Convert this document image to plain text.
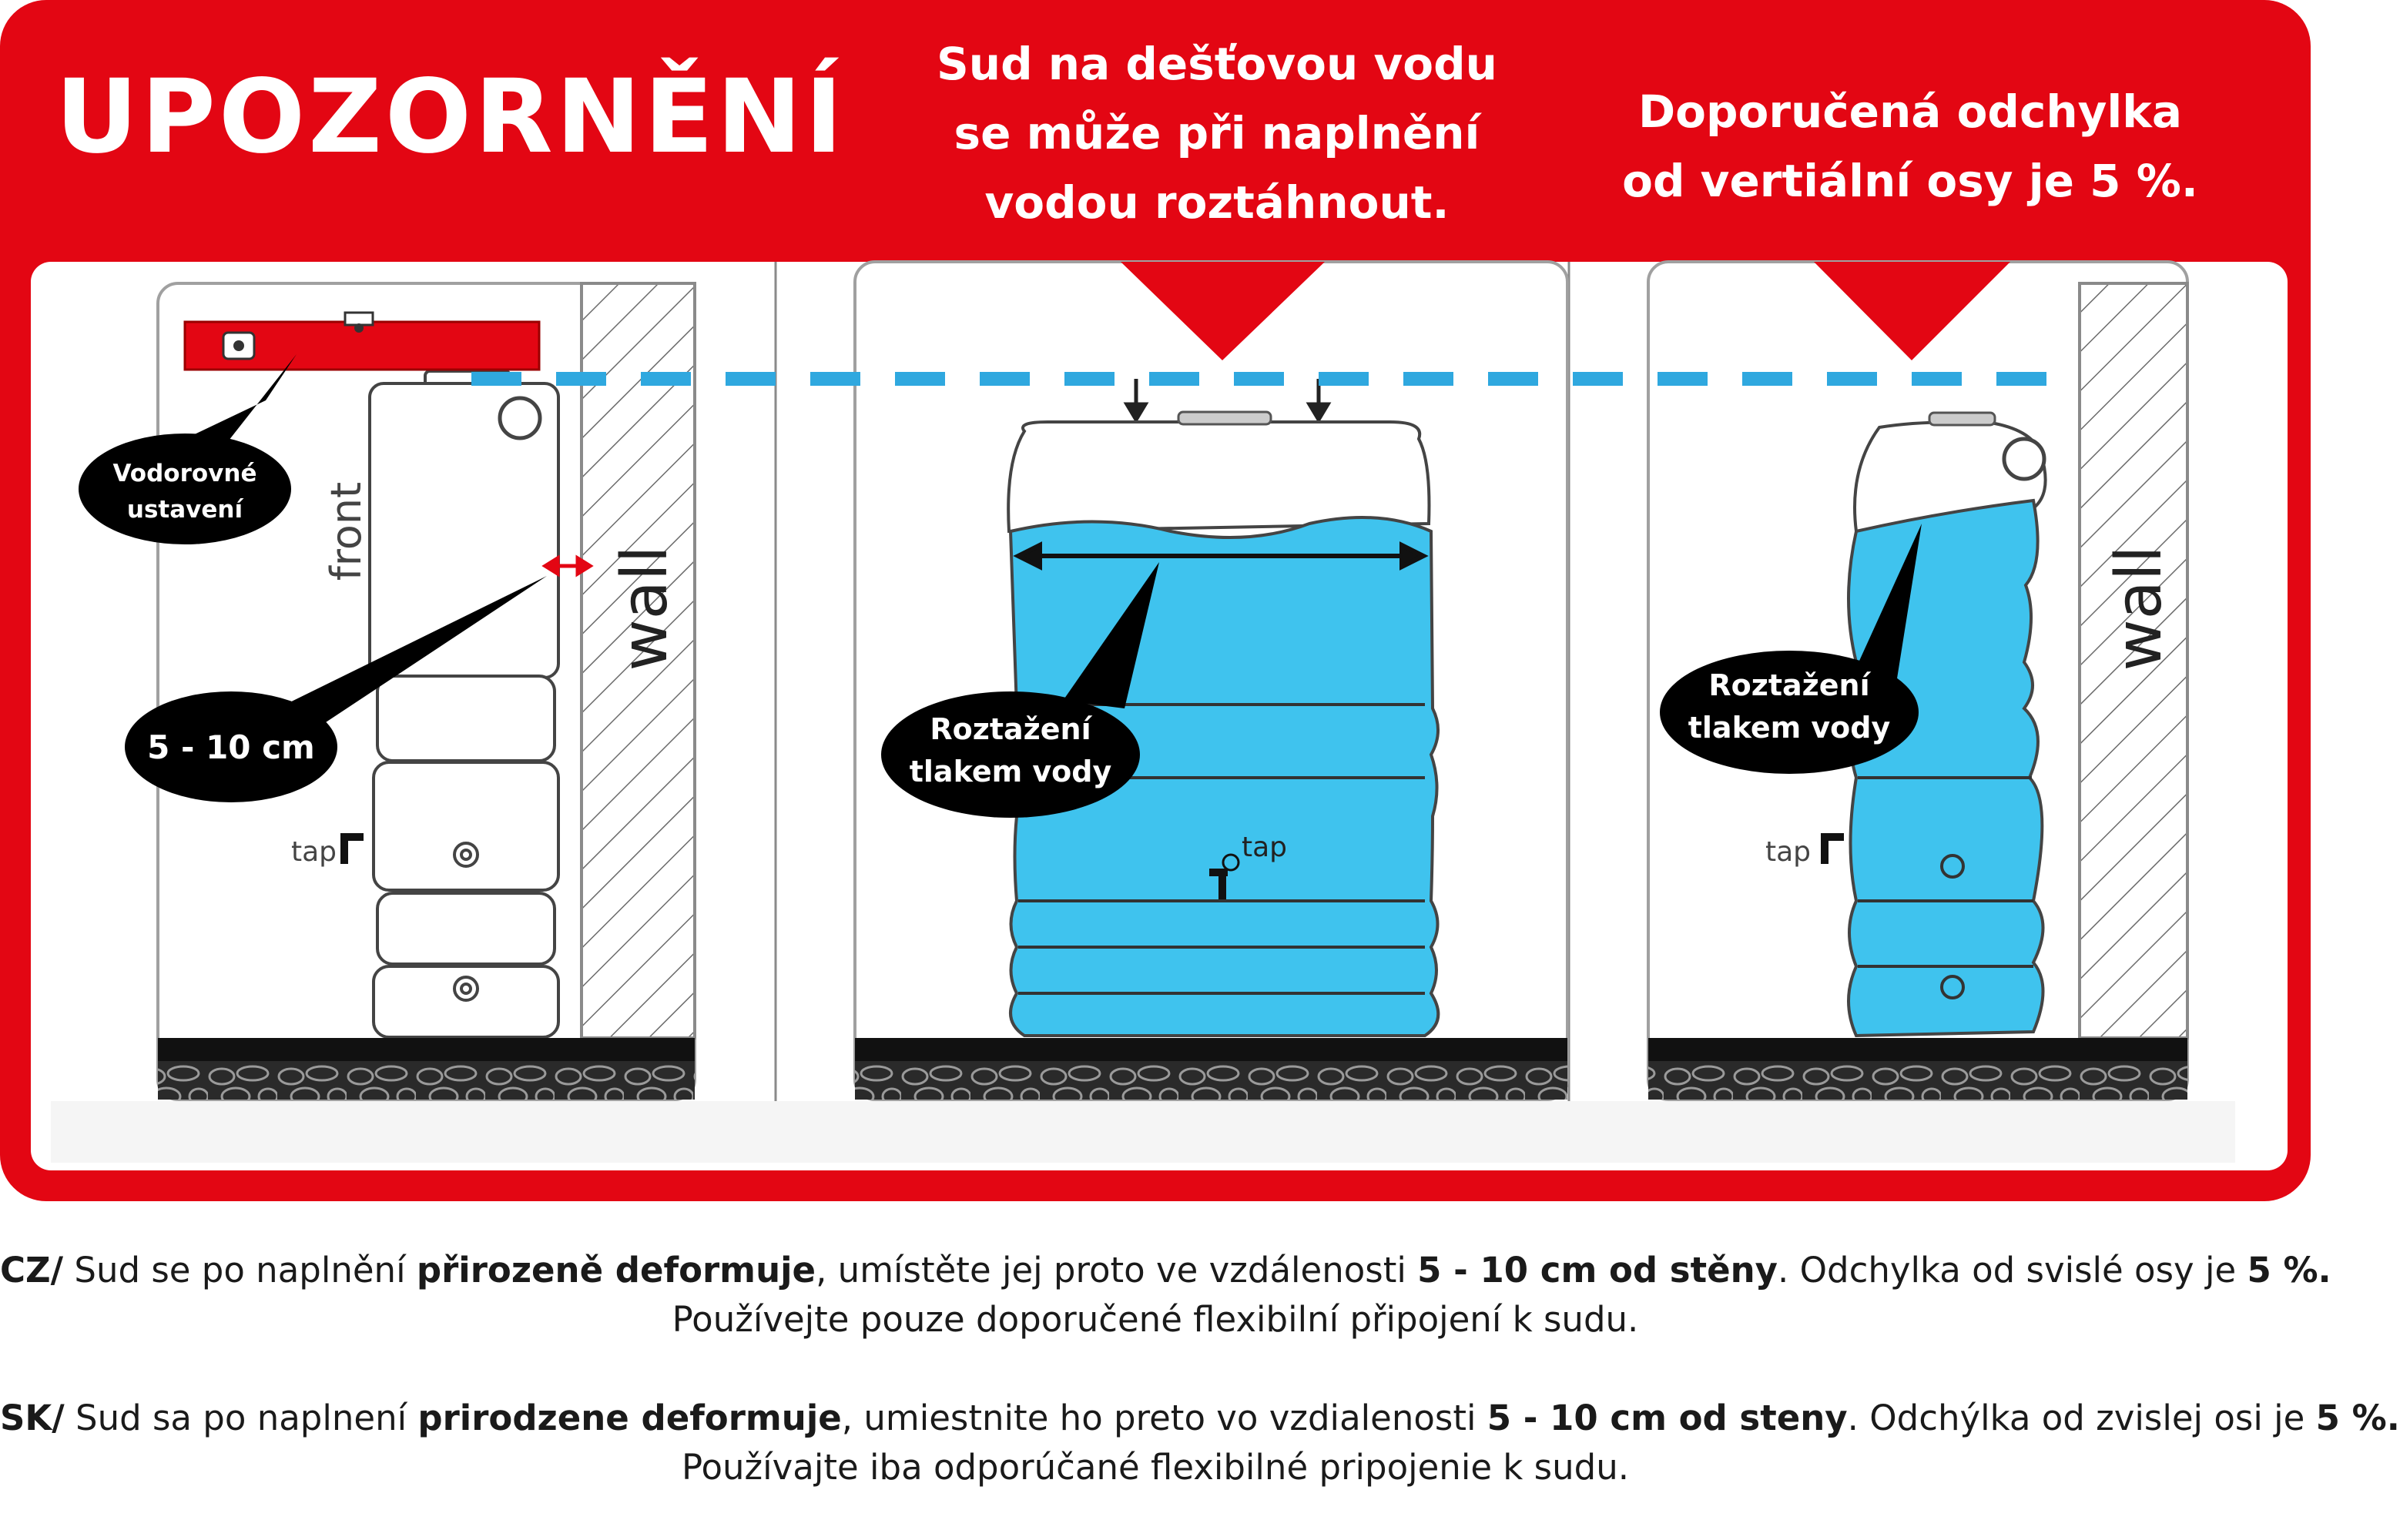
wall
front
tap
Vodorovné
ustavení
5 - 10 cm
tap
Roztažení
tlakem vody
wall
tap
Roztažení
tlakem vody
UPOZORNĚNÍ	Sud na dešťovou vodu
se může při naplnění
vodou roztáhnout.
Doporučená odchylka
od vertiální osy je 5 %.
CZ/ Sud se po naplnění přirozeně deformuje, umístěte jej proto ve vzdálenosti 5 - 10 cm od stěny. Odchylka od svislé osy je 5 %.
Používejte pouze doporučené flexibilní připojení k sudu.
SK/ Sud sa po naplnení prirodzene deformuje, umiestnite ho preto vo vzdialenosti 5 - 10 cm od steny. Odchýlka od zvislej osi je 5 %.
Používajte iba odporúčané flexibilné pripojenie k sudu.
